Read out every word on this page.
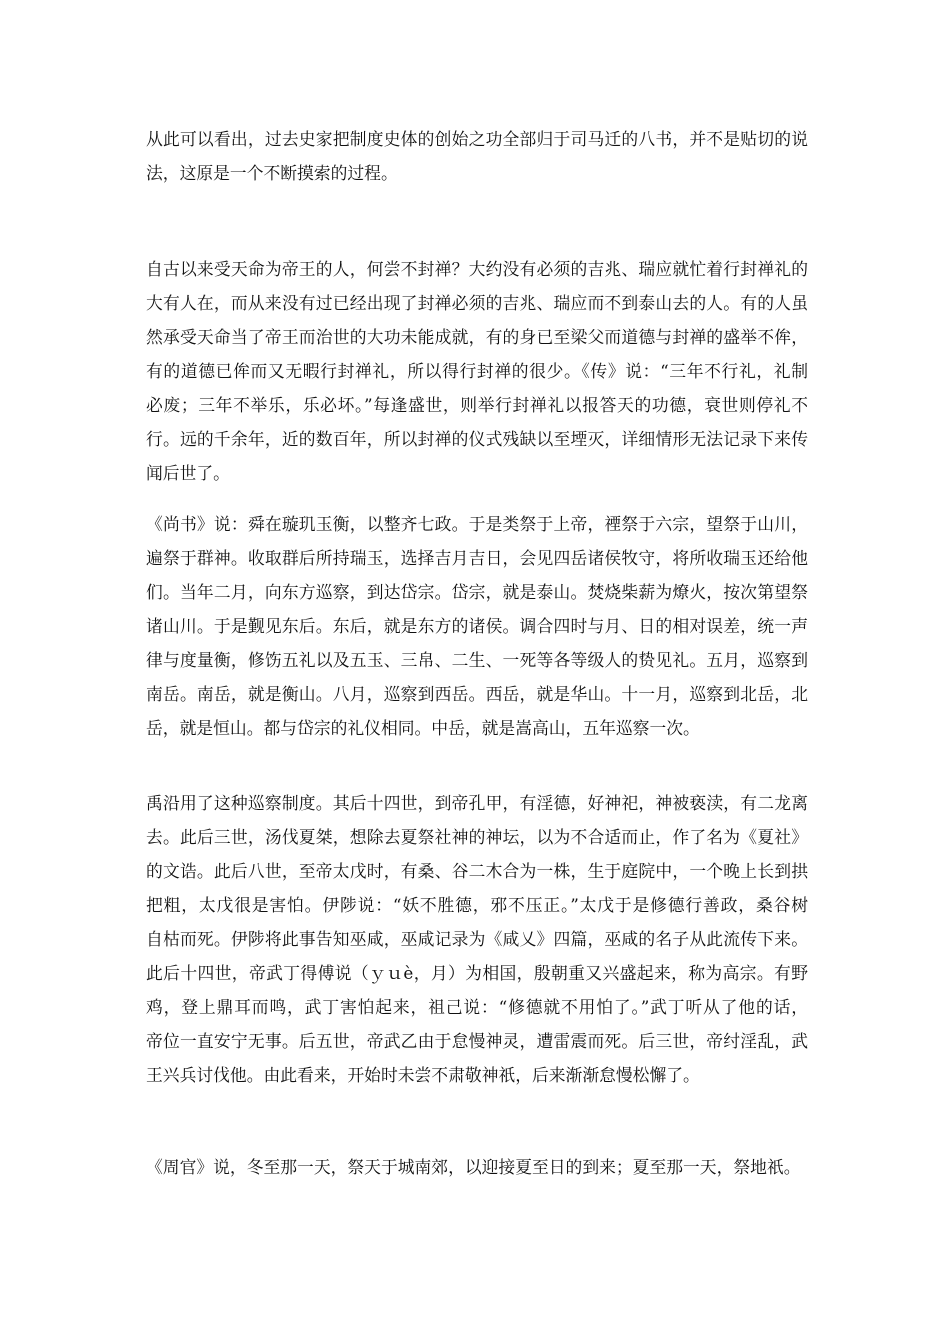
从此可以看出，过去史家把制度史体的创始之功全部归于司马迁的八书，并不是贴切的说
法，这原是一个不断摸索的过程。
自古以来受天命为帝王的人，何尝不封禅？大约没有必须的吉兆、瑞应就忙着行封禅礼的
大有人在，而从来没有过已经出现了封禅必须的吉兆、瑞应而不到泰山去的人。有的人虽
然承受天命当了帝王而治世的大功未能成就，有的身已至梁父而道德与封禅的盛举不侔，
有的道德已侔而又无暇行封禅礼，所以得行封禅的很少。《传》说：“三年不行礼，礼制
必废；三年不举乐，乐必坏。”每逢盛世，则举行封禅礼以报答天的功德，衰世则停礼不
行。远的千余年，近的数百年，所以封禅的仪式残缺以至堙灭，详细情形无法记录下来传
闻后世了。
《尚书》说：舜在璇玑玉衡，以整齐七政。于是类祭于上帝，禋祭于六宗，望祭于山川，
遍祭于群神。收取群后所持瑞玉，选择吉月吉日，会见四岳诸侯牧守，将所收瑞玉还给他
们。当年二月，向东方巡察，到达岱宗。岱宗，就是泰山。焚烧柴薪为燎火，按次第望祭
诸山川。于是觐见东后。东后，就是东方的诸侯。调合四时与月、日的相对误差，统一声
律与度量衡，修饬五礼以及五玉、三帛、二生、一死等各等级人的贽见礼。五月，巡察到
南岳。南岳，就是衡山。八月，巡察到西岳。西岳，就是华山。十一月，巡察到北岳，北
岳，就是恒山。都与岱宗的礼仪相同。中岳，就是嵩高山，五年巡察一次。
禹沿用了这种巡察制度。其后十四世，到帝孔甲，有淫德，好神祀，神被亵渎，有二龙离
去。此后三世，汤伐夏桀，想除去夏祭社神的神坛，以为不合适而止，作了名为《夏社》
的文诰。此后八世，至帝太戊时，有桑、谷二木合为一株，生于庭院中，一个晚上长到拱
把粗，太戊很是害怕。伊陟说：“妖不胜德，邪不压正。”太戊于是修德行善政，桑谷树
自枯而死。伊陟将此事告知巫咸，巫咸记录为《咸乂》四篇，巫咸的名子从此流传下来。
此后十四世，帝武丁得傅说（ｙｕè，月）为相国，殷朝重又兴盛起来，称为高宗。有野
鸡，登上鼎耳而鸣，武丁害怕起来，祖己说：“修德就不用怕了。”武丁听从了他的话，
帝位一直安宁无事。后五世，帝武乙由于怠慢神灵，遭雷震而死。后三世，帝纣淫乱，武
王兴兵讨伐他。由此看来，开始时未尝不肃敬神祇，后来渐渐怠慢松懈了。
《周官》说，冬至那一天，祭天于城南郊，以迎接夏至日的到来；夏至那一天，祭地祇。
